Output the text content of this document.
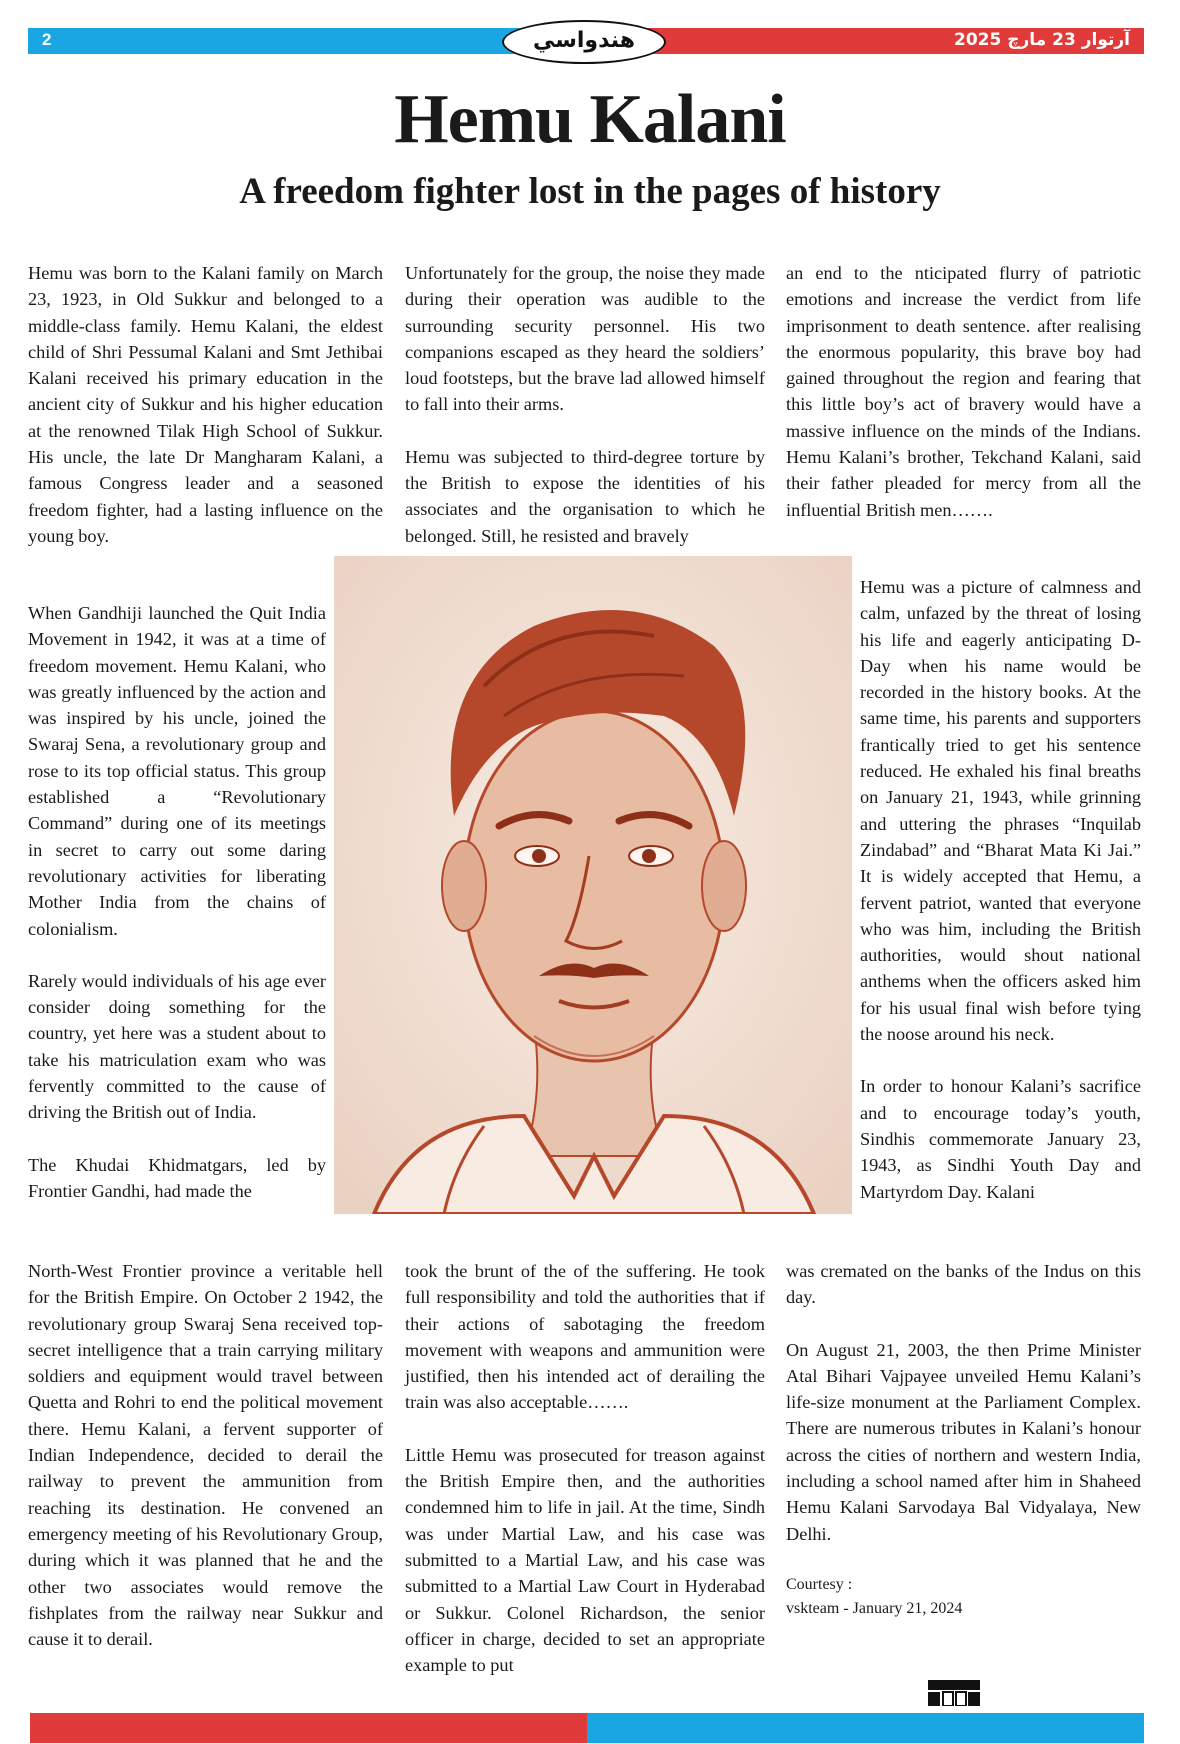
2	آرتوار 23 مارچ 2025
هندواسي
Hemu Kalani
A freedom fighter lost in the pages of history

Hemu was born to the Kalani family on March 23, 1923, in Old Sukkur and belonged to a middle-class family. Hemu Kalani, the eldest child of Shri Pessumal Kalani and Smt Jethibai Kalani received his primary education in the ancient city of Sukkur and his higher education at the renowned Tilak High School of Sukkur. His uncle, the late Dr Mangharam Kalani, a famous Congress leader and a seasoned freedom fighter, had a lasting influence on the young boy.

When Gandhiji launched the Quit India Movement in 1942, it was at a time of freedom movement. Hemu Kalani, who was greatly influenced by the action and was inspired by his uncle, joined the Swaraj Sena, a revolutionary group and rose to its top official status. This group established a “Revolutionary Command” during one of its meetings in secret to carry out some daring revolutionary activities for liberating Mother India from the chains of colonialism.

Rarely would individuals of his age ever consider doing something for the country, yet here was a student about to take his matriculation exam who was fervently committed to the cause of driving the British out of India.

The Khudai Khidmatgars, led by Frontier Gandhi, had made the

North-West Frontier province a veritable hell for the British Empire. On October 2 1942, the revolutionary group Swaraj Sena received top- secret intelligence that a train carrying military soldiers and equipment would travel between Quetta and Rohri to end the political movement there. Hemu Kalani, a fervent supporter of Indian Independence, decided to derail the railway to prevent the ammunition from reaching its destination. He convened an emergency meeting of his Revolutionary Group, during which it was planned that he and the other two associates would remove the fishplates from the railway near Sukkur and cause it to derail.

Unfortunately for the group, the noise they made during their operation was audible to the surrounding security personnel. His two companions escaped as they heard the soldiers’ loud footsteps, but the brave lad allowed himself to fall into their arms.

Hemu was subjected to third-degree torture by the British to expose the identities of his associates and the organisation to which he belonged. Still, he resisted and bravely

took the brunt of the of the suffering. He took full responsibility and told the authorities that if their actions of sabotaging the freedom movement with weapons and ammunition were justified, then his intended act of derailing the train was also acceptable…….

Little Hemu was prosecuted for treason against the British Empire then, and the authorities condemned him to life in jail. At the time, Sindh was under Martial Law, and his case was submitted to a Martial Law, and his case was submitted to a Martial Law Court in Hyderabad or Sukkur. Colonel Richardson, the senior officer in charge, decided to set an appropriate example to put

an end to the nticipated flurry of patriotic emotions and increase the verdict from life imprisonment to death sentence. after realising the enormous popularity, this brave boy had gained throughout the region and fearing that this little boy’s act of bravery would have a massive influence on the minds of the Indians. Hemu Kalani’s brother, Tekchand Kalani, said their father pleaded for mercy from all the influential British men…….

Hemu was a picture of calmness and calm, unfazed by the threat of losing his life and eagerly anticipating D-Day when his name would be recorded in the history books. At the same time, his parents and supporters frantically tried to get his sentence reduced. He exhaled his final breaths on January 21, 1943, while grinning and uttering the phrases “Inquilab Zindabad” and “Bharat Mata Ki Jai.” It is widely accepted that Hemu, a fervent patriot, wanted that everyone who was him, including the British authorities, would shout national anthems when the officers asked him for his usual final wish before tying the noose around his neck.

In order to honour Kalani’s sacrifice and to encourage today’s youth, Sindhis commemorate January 23, 1943, as Sindhi Youth Day and Martyrdom Day. Kalani

was cremated on the banks of the Indus on this day.

On August 21, 2003, the then Prime Minister Atal Bihari Vajpayee unveiled Hemu Kalani’s life-size monument at the Parliament Complex. There are numerous tributes in Kalani’s honour across the cities of northern and western India, including a school named after him in Shaheed Hemu Kalani Sarvodaya Bal Vidyalaya, New Delhi.

Courtesy :
vskteam - January 21, 2024
